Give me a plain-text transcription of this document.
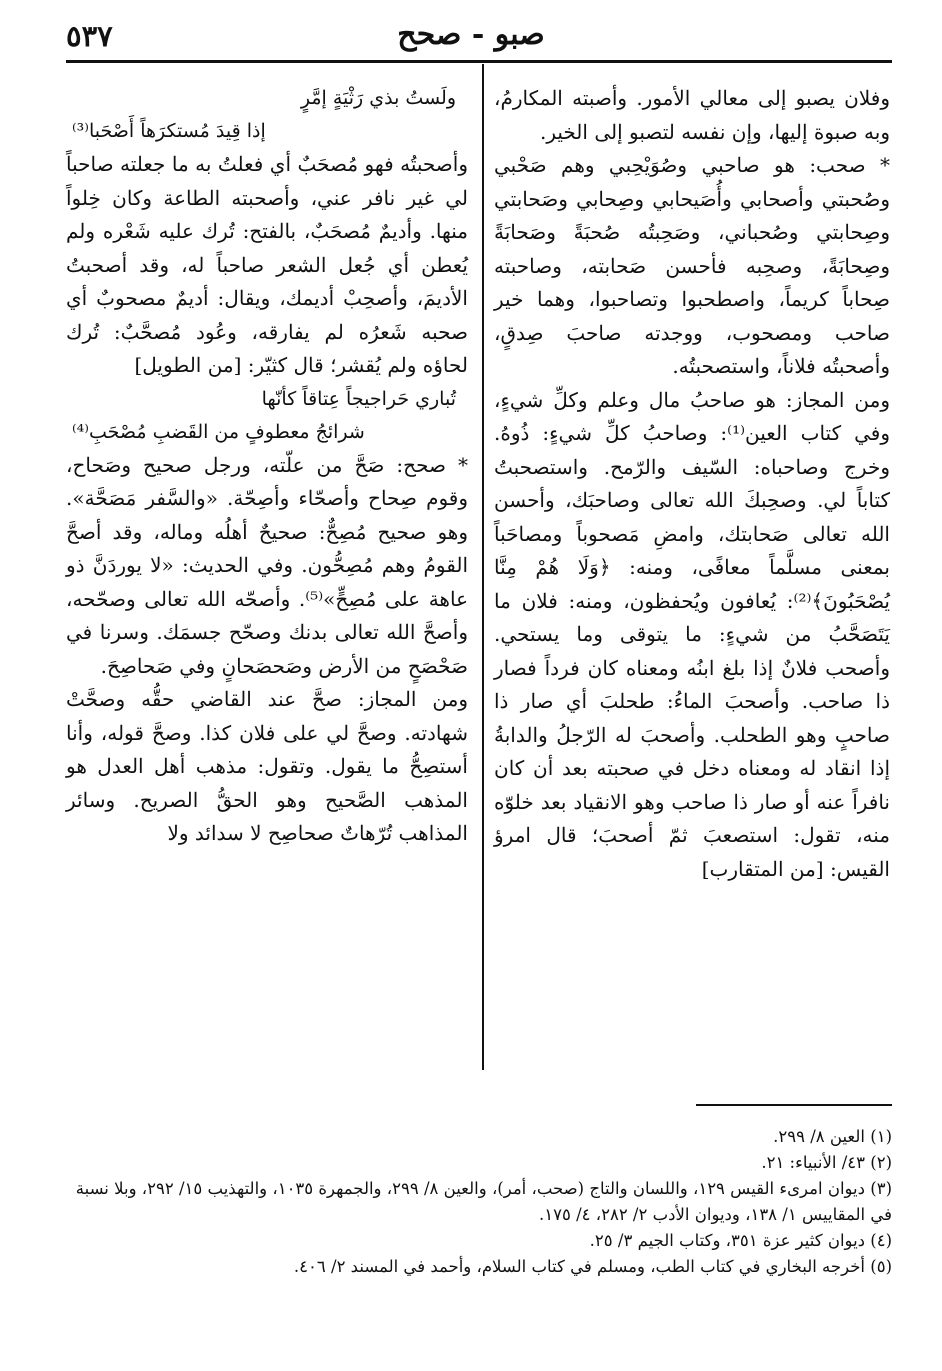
صبو - صحح
٥٣٧

وفلان يصبو إلى معالي الأمور. وأصبته المكارمُ، وبه صبوة إليها، وإن نفسه لتصبو إلى الخير.

* صحب: هو صاحبي وصُوَيْحِبي وهم صَحْبي وصُحبتي وأصحابي وأُصَيحابي وصِحابي وصَحابتي وصِحابتي وصُحباني، وصَحِبتُه صُحبَةً وصَحابَةً وصِحابَةً، وصحِبه فأحسن صَحابته، وصاحبته صِحاباً كريماً، واصطحبوا وتصاحبوا، وهما خير صاحب ومصحوب، ووجدته صاحبَ صِدقٍ، وأصحبتُه فلاناً، واستصحبتُه.

ومن المجاز: هو صاحبُ مال وعلم وكلِّ شيءٍ، وفي كتاب العين⁽¹⁾: وصاحبُ كلِّ شيءٍ: ذُوهُ. وخرج وصاحباه: السّيف والرّمح. واستصحبتُ كتاباً لي. وصحِبكَ الله تعالى وصاحبَك، وأحسن الله تعالى صَحابتك، وامضِ مَصحوباً ومصاحَباً بمعنى مسلَّماً معافًى، ومنه: ﴿وَلَا هُمْ مِنَّا يُصْحَبُونَ﴾⁽²⁾: يُعافون ويُحفظون، ومنه: فلان ما يَتَصَحَّبُ من شيءٍ: ما يتوقى وما يستحي. وأصحب فلانٌ إذا بلغ ابنُه ومعناه كان فرداً فصار ذا صاحب. وأصحبَ الماءُ: طحلبَ أي صار ذا صاحبٍ وهو الطحلب. وأصحبَ له الرّجلُ والدابةُ إذا انقاد له ومعناه دخل في صحبته بعد أن كان نافراً عنه أو صار ذا صاحب وهو الانقياد بعد خلوّه منه، تقول: استصعبَ ثمّ أصحبَ؛ قال امرؤ القيس: [من المتقارب]

ولَستُ بذي رَثْيَةٍ إمَّرٍ

إذا قِيدَ مُستكرَهاً أَصْحَبا⁽³⁾

وأصحبتُه فهو مُصحَبٌ أي فعلتُ به ما جعلته صاحباً لي غير نافر عني، وأصحبته الطاعة وكان خِلواً منها. وأديمٌ مُصحَبٌ، بالفتح: تُرك عليه شَعْره ولم يُعطن أي جُعل الشعر صاحباً له، وقد أصحبتُ الأديمَ، وأصحِبْ أديمك، ويقال: أديمٌ مصحوبٌ أي صحبه شَعرُه لم يفارقه، وعُود مُصحَّبٌ: تُرك لحاؤه ولم يُقشر؛ قال كثيّر: [من الطويل]

تُباري حَراجيجاً عِتاقاً كأنّها

شرائجُ معطوفٍ من القَضبِ مُصْحَبِ⁽⁴⁾

* صحح: صَحَّ من علّته، ورجل صحيح وصَحاح، وقوم صِحاح وأصحّاء وأصِحّة. «والسَّفر مَصَحَّة». وهو صحيح مُصِحٌّ: صحيحٌ أهلُه وماله، وقد أصحَّ القومُ وهم مُصِحُّون. وفي الحديث: «لا يوردَنَّ ذو عاهة على مُصِحٍّ»⁽⁵⁾. وأصحّه الله تعالى وصحّحه، وأصحَّ الله تعالى بدنك وصحّح جسمَك. وسرنا في صَحْصَحٍ من الأرض وصَحصَحانٍ وفي صَحاصِحَ.

ومن المجاز: صحَّ عند القاضي حقُّه وصحَّتْ شهادته. وصحَّ لي على فلان كذا. وصحَّ قوله، وأنا أستصِحُّ ما يقول. وتقول: مذهب أهل العدل هو المذهب الصَّحيح وهو الحقُّ الصريح. وسائر المذاهب تُرّهاتٌ صحاصِح لا سدائد ولا

(١) العين ٨/ ٢٩٩.

(٢) ٤٣/ الأنبياء: ٢١.

(٣) ديوان امرىء القيس ١٢٩، واللسان والتاج (صحب، أمر)، والعين ٨/ ٢٩٩، والجمهرة ١٠٣٥، والتهذيب ١٥/ ٢٩٢، وبلا نسبة في المقاييس ١/ ١٣٨، وديوان الأدب ٢/ ٢٨٢، ٤/ ١٧٥.

(٤) ديوان كثير عزة ٣٥١، وكتاب الجيم ٣/ ٢٥.

(٥) أخرجه البخاري في كتاب الطب، ومسلم في كتاب السلام، وأحمد في المسند ٢/ ٤٠٦.
